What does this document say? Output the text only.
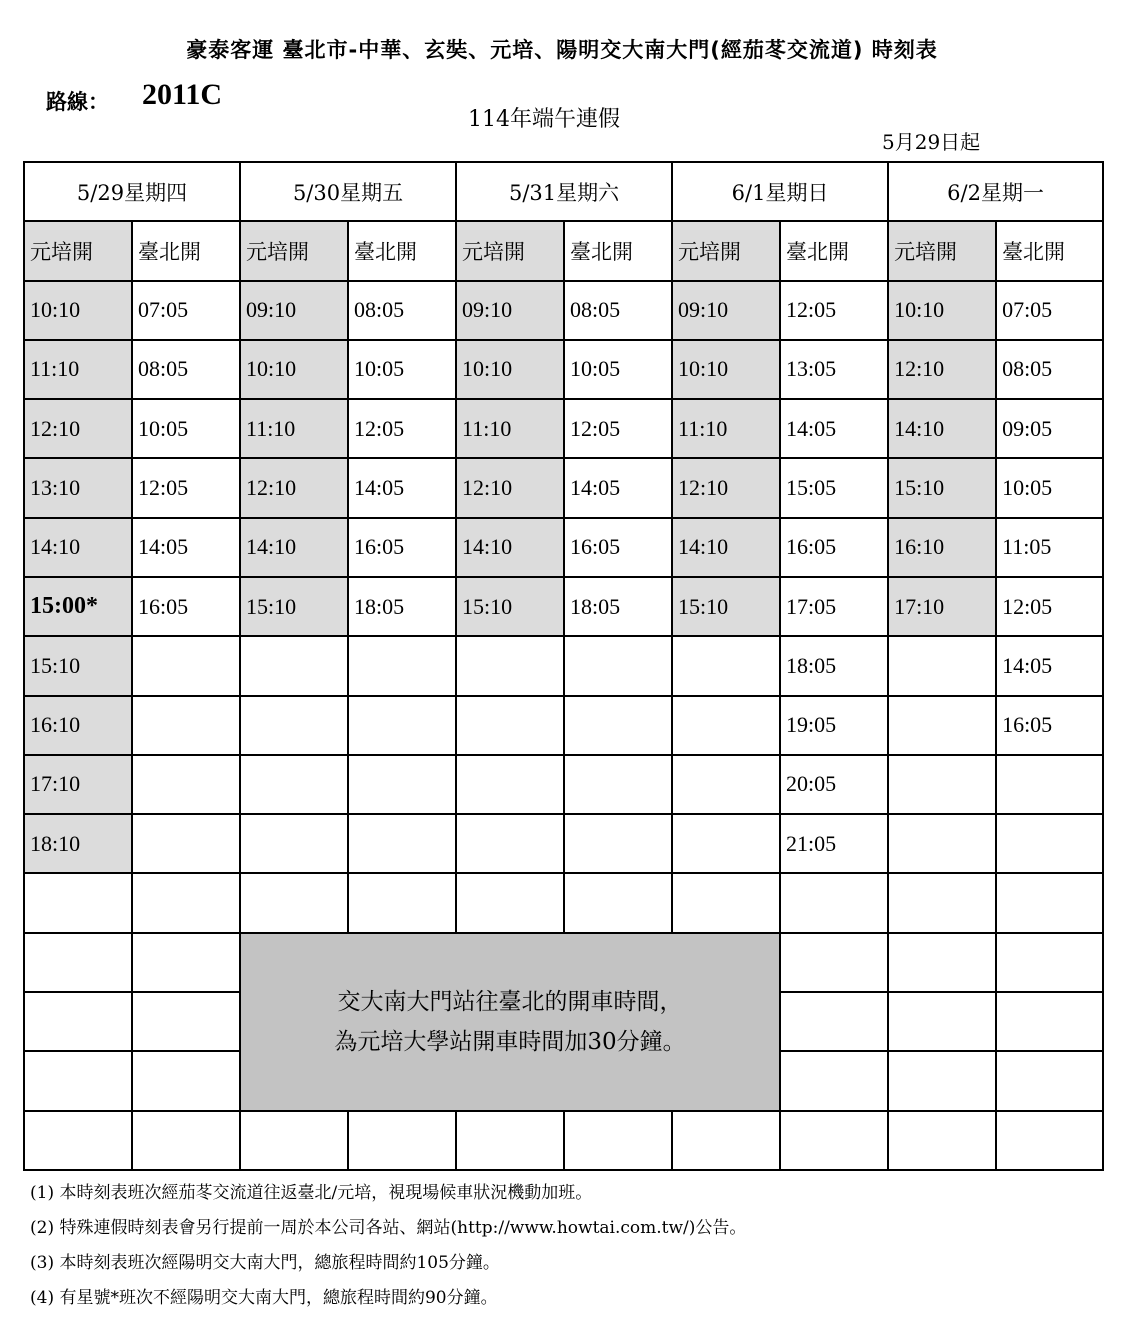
豪泰客運 臺北市-中華、玄奘、元培、陽明交大南大門(經茄苳交流道) 時刻表
路線： 2011C
114年端午連假
5月29日起
5/29星期四		5/30星期五		5/31星期六		6/1星期日		6/2星期一	
元培開	臺北開	元培開	臺北開	元培開	臺北開	元培開	臺北開	元培開	臺北開
10:10	07:05	09:10	08:05	09:10	08:05	09:10	12:05	10:10	07:05
11:10	08:05	10:10	10:05	10:10	10:05	10:10	13:05	12:10	08:05
12:10	10:05	11:10	12:05	11:10	12:05	11:10	14:05	14:10	09:05
13:10	12:05	12:10	14:05	12:10	14:05	12:10	15:05	15:10	10:05
14:10	14:05	14:10	16:05	14:10	16:05	14:10	16:05	16:10	11:05
15:00*	16:05	15:10	18:05	15:10	18:05	15:10	17:05	17:10	12:05
15:10							18:05		14:05
16:10							19:05		16:05
17:10							20:05		
18:10							21:05		

		交大南大門站往臺北的開車時間，
為元培大學站開車時間加30分鐘。							

(1) 本時刻表班次經茄苳交流道往返臺北/元培，視現場候車狀況機動加班。
(2) 特殊連假時刻表會另行提前一周於本公司各站、網站(http://www.howtai.com.tw/)公告。
(3) 本時刻表班次經陽明交大南大門，總旅程時間約105分鐘。
(4) 有星號*班次不經陽明交大南大門，總旅程時間約90分鐘。
